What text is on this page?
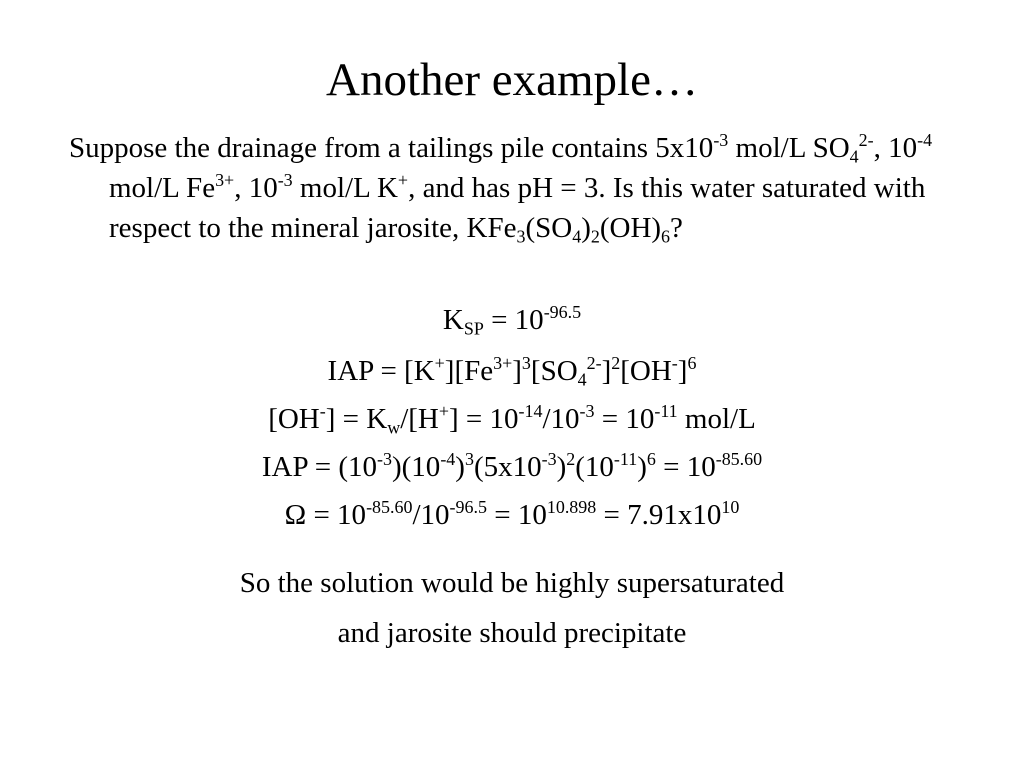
Another example…
Suppose the drainage from a tailings pile contains $5x10^{-3}$ mol/L $SO_4^{2-}$, $10^{-4}$ mol/L $Fe^{3+}$, $10^{-3}$ mol/L K+, and has pH = 3. Is this water saturated with respect to the mineral jarosite, $KFe_3(SO_4)_2(OH)_6$?
$K_{SP} = 10^{-96.5}$
IAP = $[K^+][Fe^{3+}]^3[SO_4^{2-}]^2[OH^-]^6$
$[OH^-] = K_w/[H^+] = 10^{-14}/10^{-3} = 10^{-11}$ mol/L
IAP = $(10^{-3})(10^{-4})^3(5x10^{-3})^2(10^{-11})^6 = 10^{-85.60}$
$\Omega = 10^{-85.60}/10^{-96.5} = 10^{10.898} = 7.91x10^{10}$
So the solution would be highly supersaturated
and jarosite should precipitate
